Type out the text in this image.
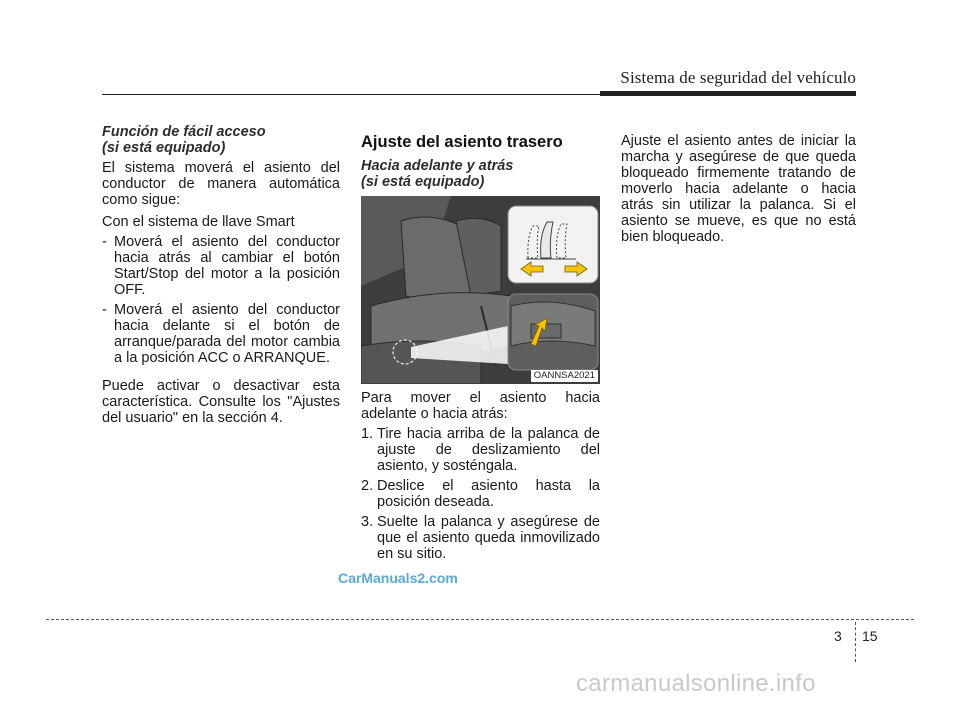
Sistema de seguridad del vehículo

Función de fácil acceso
(si está equipado)

El sistema moverá el asiento del conductor de manera automática como sigue:

Con el sistema de llave Smart

- Moverá el asiento del conductor hacia atrás al cambiar el botón Start/Stop del motor a la posición OFF.

- Moverá el asiento del conductor hacia delante si el botón de arranque/parada del motor cambia a la posición ACC o ARRANQUE.

Puede activar o desactivar esta característica. Consulte los "Ajustes del usuario" en la sección 4.

Ajuste del asiento trasero

Hacia adelante y atrás
(si está equipado)

OANNSA2021

Para mover el asiento hacia adelante o hacia atrás:

1. Tire hacia arriba de la palanca de ajuste de deslizamiento del asiento, y sosténgala.

2. Deslice el asiento hasta la posición deseada.

3. Suelte la palanca y asegúrese de que el asiento queda inmovilizado en su sitio.

Ajuste el asiento antes de iniciar la marcha y asegúrese de que queda bloqueado firmemente tratando de moverlo hacia adelante o hacia atrás sin utilizar la palanca. Si el asiento se mueve, es que no está bien bloqueado.

CarManuals2.com
3 15
carmanualsonline.info
